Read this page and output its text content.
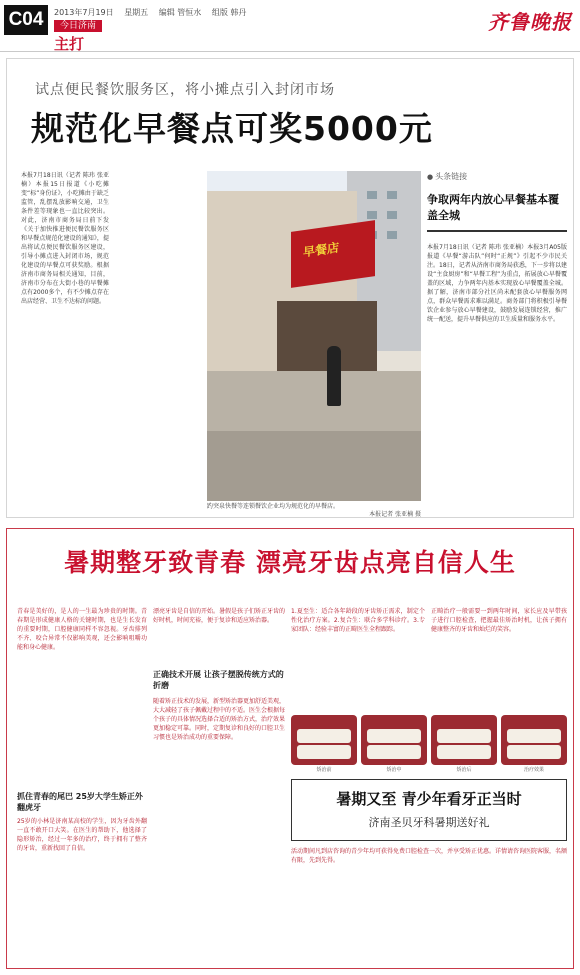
C04	2013年7月19日 星期五 编辑 管恒水 组版 韩丹
今日济南
主打
齐鲁晚报
试点便民餐饮服务区，将小摊点引入封闭市场
规范化早餐点可奖5000元
本报7月18日讯（记者 陈玮 张亚楠）本报15日报道《小吃摊变“标”身份证》，小吃摊由于缺乏监管，乱摆乱放影响交通，卫生条件差等现象也一直比较突出。对此，济南市商务局日前下发《关于加快推进便民餐饮服务区和早餐点规范化建设的通知》，提出将试点便民餐饮服务区建设，引导小摊点进入封闭市场，规范化建设的早餐点可获奖励。根据济南市商务局相关通知，目前，济南市分布在大街小巷的早餐摊点有2000多个，有不少摊点存在出店经营、卫生不达标的问题。
早餐店
趵突泉快餐等连锁餐饮企业均为规范化的早餐店。
本报记者 张亚楠 摄
● 头条链接
争取两年内放心早餐基本覆盖全城
本报7月18日讯（记者 陈玮 张亚楠）本报3月A05版报道《早餐“游击队”何时“正规”》引起不少市民关注。18日，记者从济南市商务局获悉，下一步将以建设“主食厨房”和“早餐工程”为重点，拓展放心早餐覆盖的区域，力争两年内基本实现放心早餐覆盖全城。据了解，济南市部分社区尚未配套放心早餐服务网点，群众早餐需求难以满足。商务部门将积极引导餐饮企业参与放心早餐建设，鼓励发展连锁经营，推广统一配送，提升早餐供应的卫生质量和服务水平。
暑期整牙致青春 漂亮牙齿点亮自信人生
青春是美好的，是人的一生最为珍贵的时期。青春期是形成健康人格的关键时期，也是生长发育的重要时期，口腔健康同样不容忽视。牙齿排列不齐、咬合异常不仅影响美观，还会影响咀嚼功能和身心健康。
抓住青春的尾巴 25岁大学生矫正外翻虎牙
25岁的小林是济南某高校的学生，因为牙齿外翻一直不敢开口大笑。在医生的帮助下，他选择了隐形矫治，经过一年多的治疗，终于拥有了整齐的牙齿，重新找回了自信。
漂亮牙齿是自信的开始。暑假是孩子们矫正牙齿的好时机，时间充裕，便于复诊和适应矫治器。
正确技术开展 让孩子摆脱传统方式的折磨
随着矫正技术的发展，新型矫治器更加舒适美观，大大减轻了孩子佩戴过程中的不适。医生会根据每个孩子的具体情况选择合适的矫治方式，治疗效果更加稳定可靠。同时，定期复诊和良好的口腔卫生习惯也是矫治成功的重要保障。
1.夏至生：适合各年龄段的牙齿矫正需求，制定个性化治疗方案。2.复合生：联合多学科诊疗。3.专家团队：经验丰富的正畸医生全程跟踪。
正畸治疗一般需要一到两年时间，家长应及早带孩子进行口腔检查，把握最佳矫治时机，让孩子拥有健康整齐的牙齿和灿烂的笑容。
矫治前	矫治中	矫治后	治疗效果
暑期又至 青少年看牙正当时
济南圣贝牙科暑期送好礼
活动期间凡到店咨询的青少年均可获得免费口腔检查一次，并享受矫正优惠。详情请咨询医院客服，名额有限，先到先得。
